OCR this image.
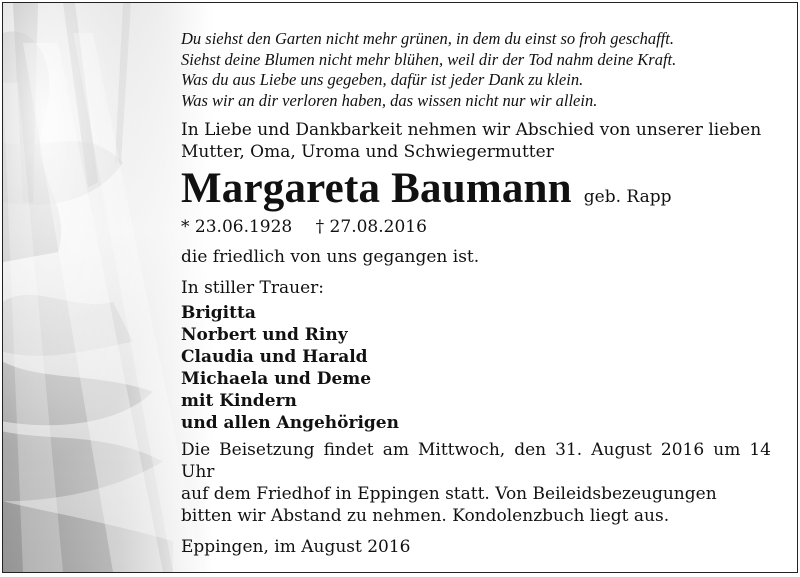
Du siehst den Garten nicht mehr grünen, in dem du einst so froh geschafft.
Siehst deine Blumen nicht mehr blühen, weil dir der Tod nahm deine Kraft.
Was du aus Liebe uns gegeben, dafür ist jeder Dank zu klein.
Was wir an dir verloren haben, das wissen nicht nur wir allein.
In Liebe und Dankbarkeit nehmen wir Abschied von unserer lieben
Mutter, Oma, Uroma und Schwiegermutter
Margareta Baumann geb. Rapp
* 23.06.1928 † 27.08.2016
die friedlich von uns gegangen ist.
In stiller Trauer:
Brigitta
Norbert und Riny
Claudia und Harald
Michaela und Deme
mit Kindern
und allen Angehörigen
Die Beisetzung findet am Mittwoch, den 31. August 2016 um 14 Uhr
auf dem Friedhof in Eppingen statt. Von Beileidsbezeugungen
bitten wir Abstand zu nehmen. Kondolenzbuch liegt aus.
Eppingen, im August 2016
